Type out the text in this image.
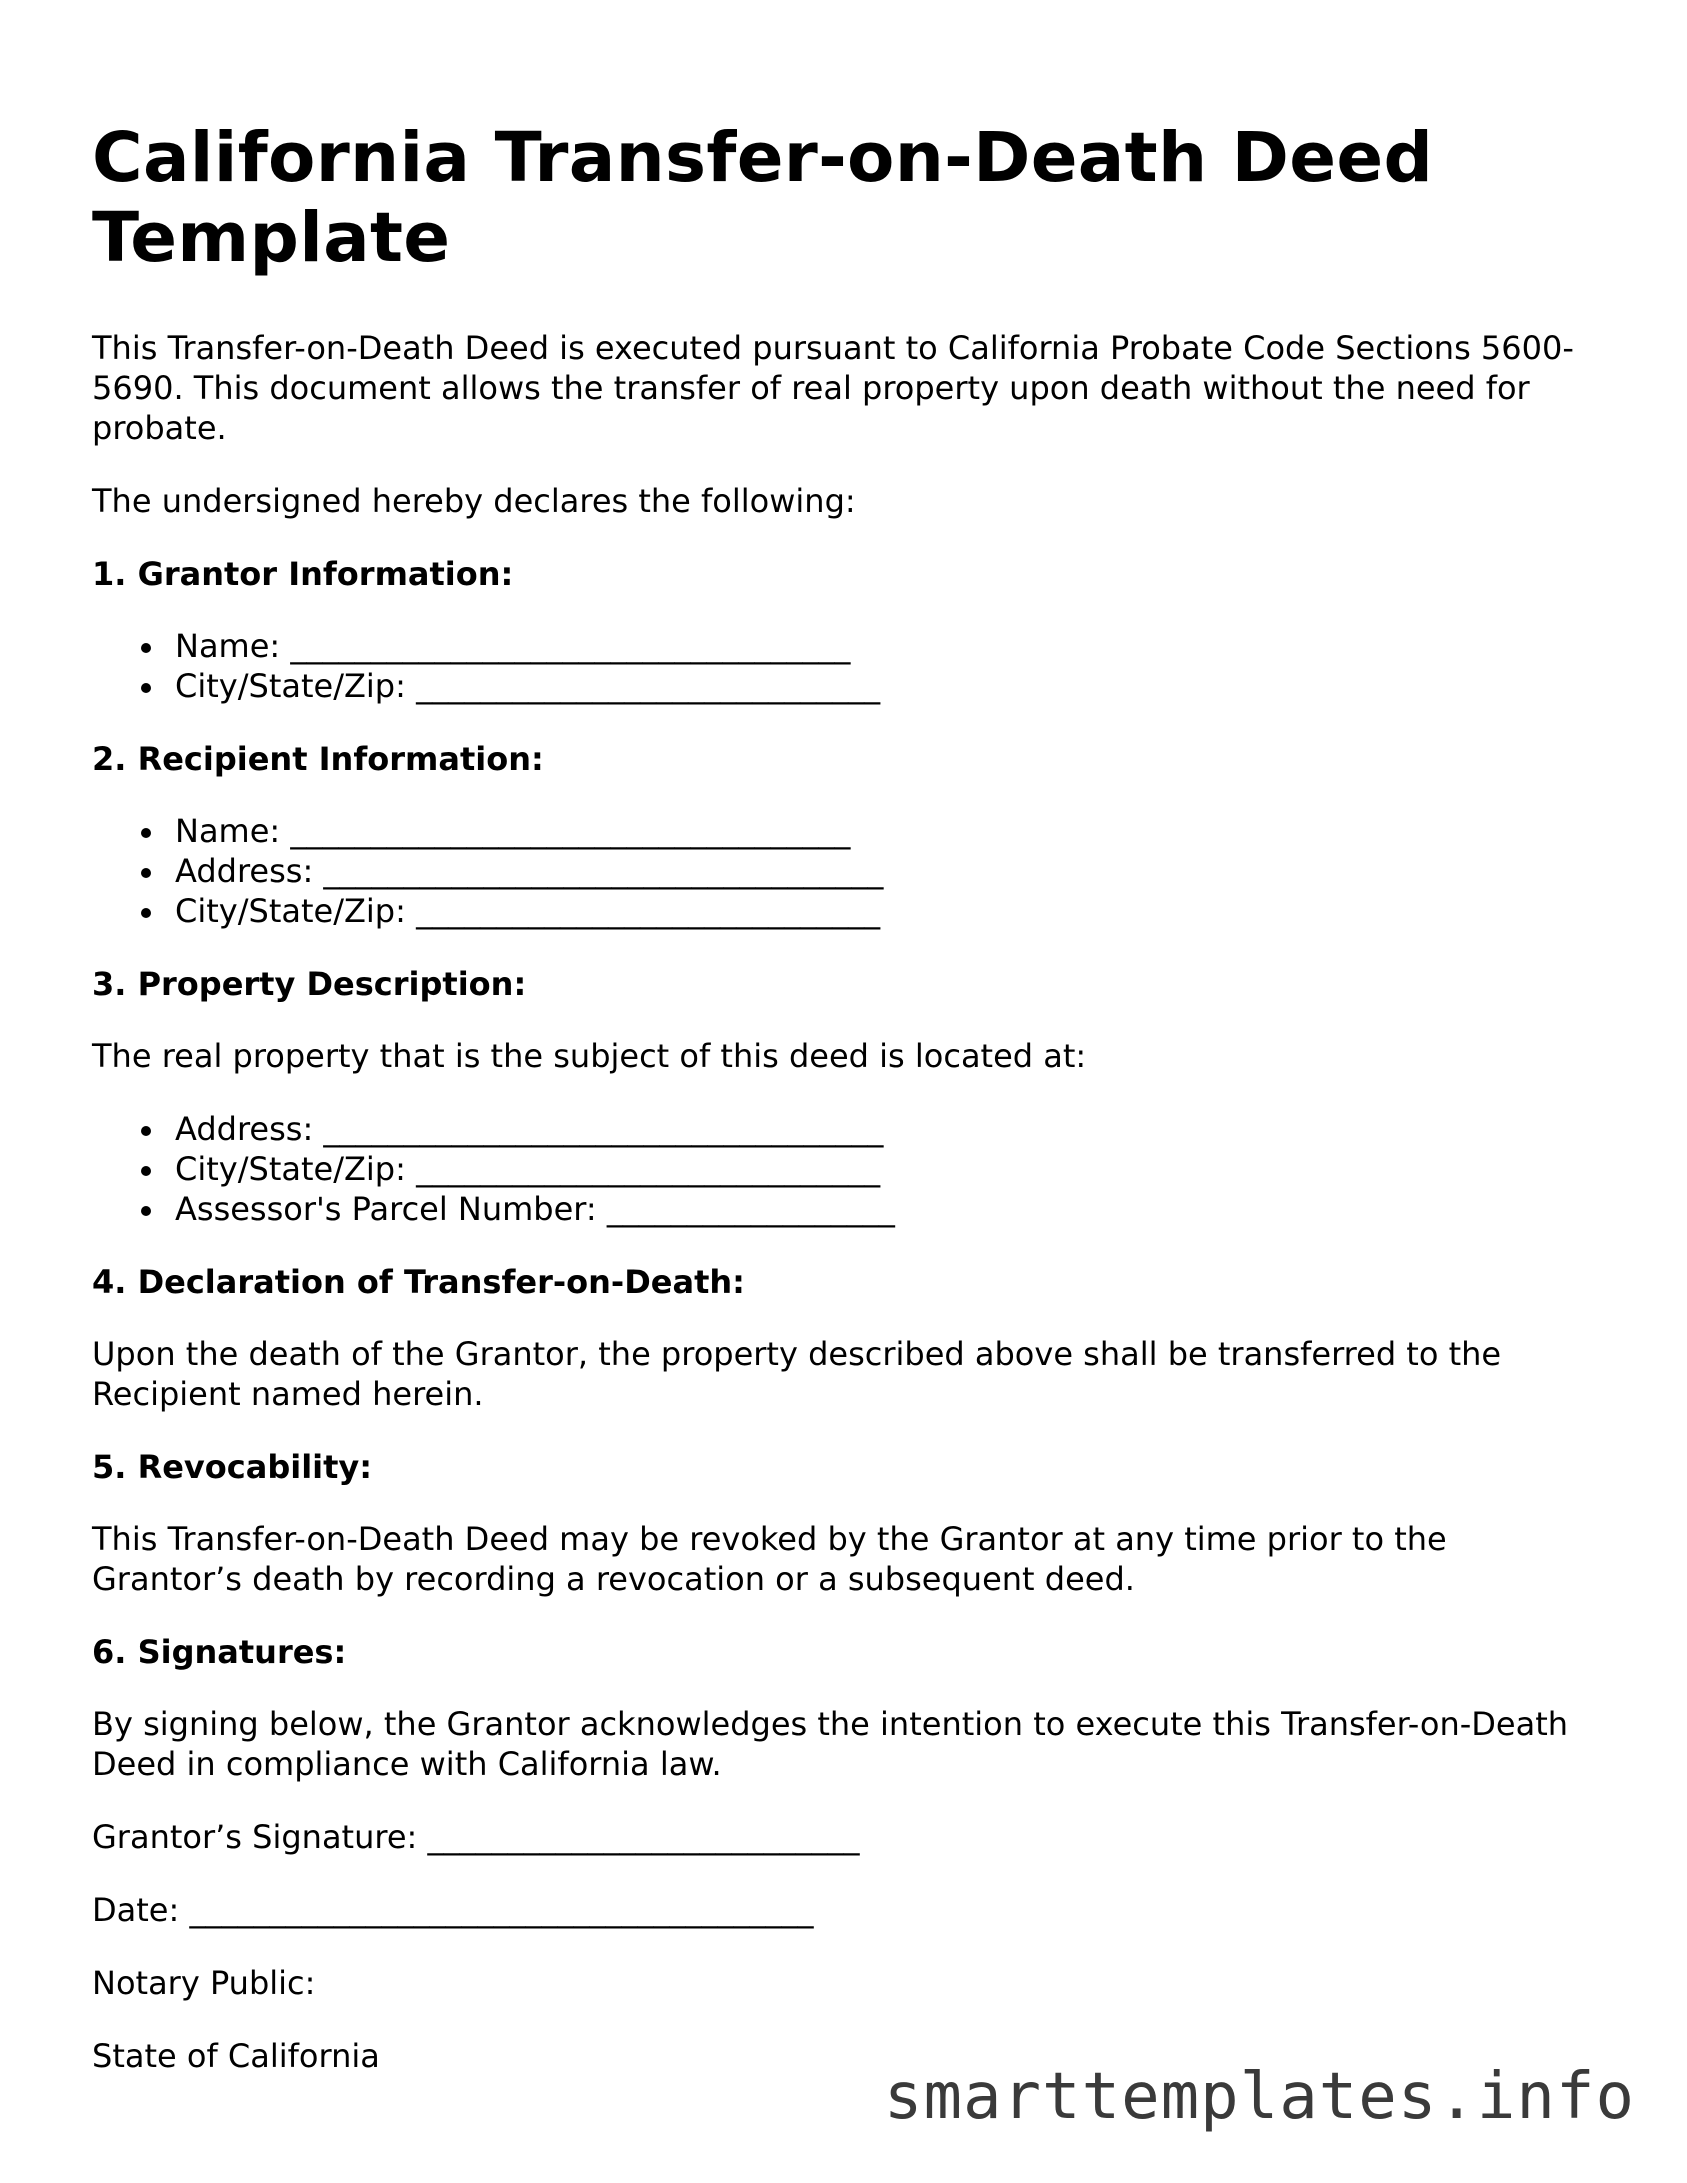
California Transfer-on-Death Deed Template

This Transfer-on-Death Deed is executed pursuant to California Probate Code Sections 5600-5690. This document allows the transfer of real property upon death without the need for probate.

The undersigned hereby declares the following:

1. Grantor Information:
Name: ___________________________________
City/State/Zip: _____________________________
2. Recipient Information:
Name: ___________________________________
Address: ___________________________________
City/State/Zip: _____________________________
3. Property Description:

The real property that is the subject of this deed is located at:

Address: ___________________________________
City/State/Zip: _____________________________
Assessor's Parcel Number: __________________
4. Declaration of Transfer-on-Death:

Upon the death of the Grantor, the property described above shall be transferred to the Recipient named herein.

5. Revocability:

This Transfer-on-Death Deed may be revoked by the Grantor at any time prior to the Grantor’s death by recording a revocation or a subsequent deed.

6. Signatures:

By signing below, the Grantor acknowledges the intention to execute this Transfer-on-Death Deed in compliance with California law.

Grantor’s Signature: ___________________________

Date: _______________________________________

Notary Public:

State of California

smarttemplates.info
